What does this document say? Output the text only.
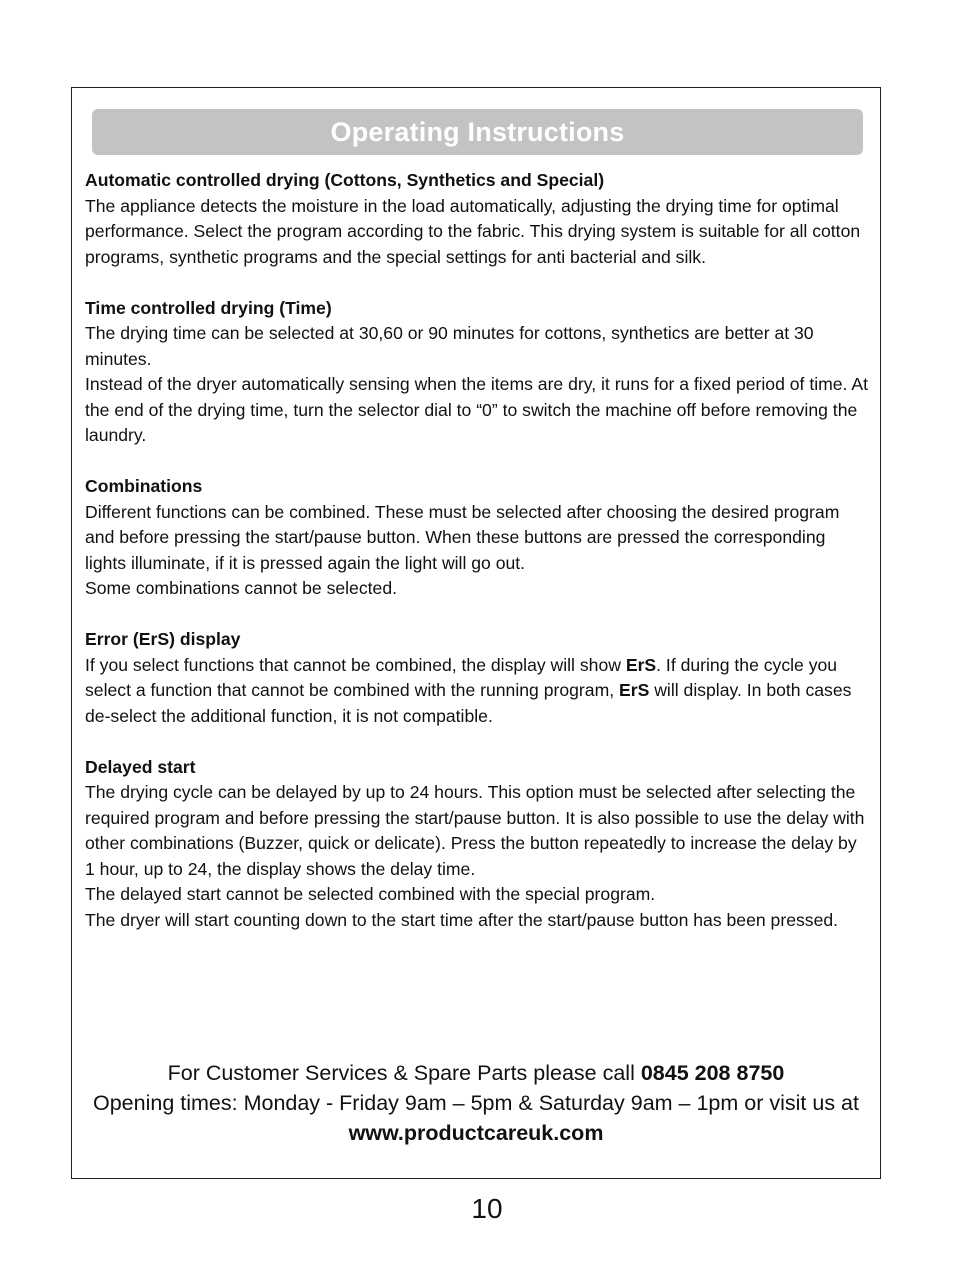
Operating Instructions
Automatic controlled drying (Cottons, Synthetics and Special)
The appliance detects the moisture in the load automatically, adjusting the drying time for optimal performance. Select the program according to the fabric. This drying system is suitable for all cotton programs, synthetic programs and the special settings for anti bacterial and silk.
Time controlled drying (Time)
The drying time can be selected at 30,60 or 90 minutes for cottons, synthetics are better at 30 minutes.
Instead of the dryer automatically sensing when the items are dry, it runs for a fixed period of time. At the end of the drying time, turn the selector dial to “0” to switch the machine off before removing the laundry.
Combinations
Different functions can be combined. These must be selected after choosing the desired program and before pressing the start/pause button. When these buttons are pressed the corresponding lights illuminate, if it is pressed again the light will go out.
Some combinations cannot be selected.
Error (ErS) display
If you select functions that cannot be combined, the display will show ErS. If during the cycle you select a function that cannot be combined with the running program, ErS will display. In both cases de-select the additional function, it is not compatible.
Delayed start
The drying cycle can be delayed by up to 24 hours. This option must be selected after selecting the required program and before pressing the start/pause button. It is also possible to use the delay with other combinations (Buzzer, quick or delicate). Press the button repeatedly to increase the delay by 1 hour, up to 24, the display shows the delay time.
The delayed start cannot be selected combined with the special program.
The dryer will start counting down to the start time after the start/pause button has been pressed.
For Customer Services & Spare Parts please call 0845 208 8750
Opening times: Monday - Friday 9am – 5pm & Saturday 9am – 1pm or visit us at www.productcareuk.com
10
